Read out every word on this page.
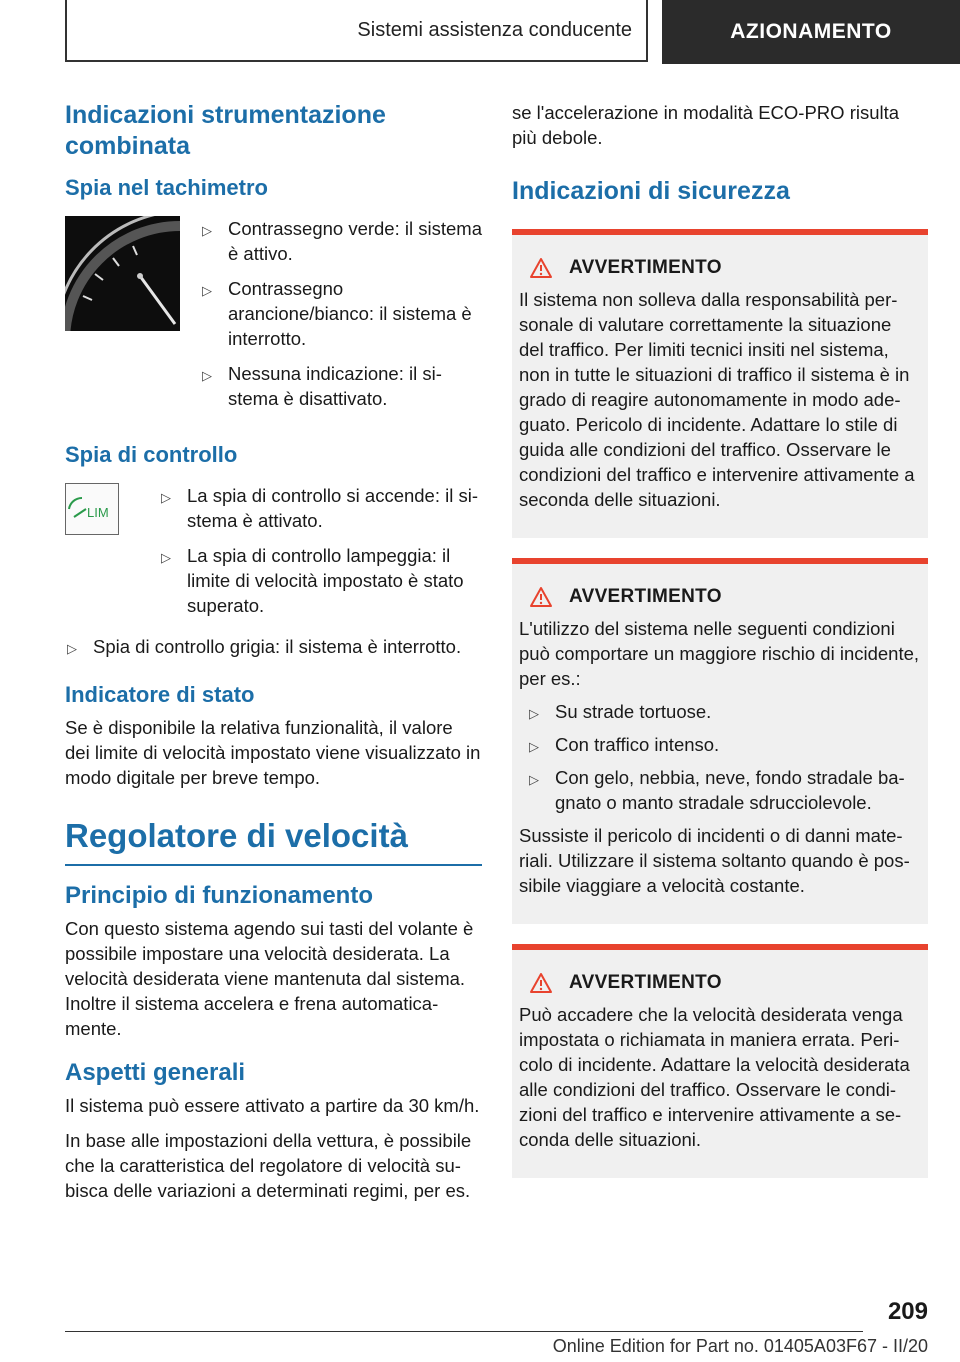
Sistemi assistenza conducente	AZIONAMENTO
Indicazioni strumentazione combinata
Spia nel tachimetro
▷ Contrassegno verde: il sistema è attivo.
▷ Contrassegno arancione/bianco: il sistema è interrotto.
▷ Nessuna indicazione: il sistema è disattivato.
Spia di controllo
LIM
▷ La spia di controllo si accende: il sistema è attivato.
▷ La spia di controllo lampeggia: il limite di velocità impostato è stato superato.
▷ Spia di controllo grigia: il sistema è interrotto.
Indicatore di stato

Se è disponibile la relativa funzionalità, il valore dei limite di velocità impostato viene visualizzato in modo digitale per breve tempo.

Regolatore di velocità
Principio di funzionamento

Con questo sistema agendo sui tasti del volante è possibile impostare una velocità desiderata. La velocità desiderata viene mantenuta dal sistema. Inoltre il sistema accelera e frena automaticamente.

Aspetti generali

Il sistema può essere attivato a partire da 30 km/h.

In base alle impostazioni della vettura, è possibile che la caratteristica del regolatore di velocità subisca delle variazioni a determinati regimi, per es.

se l'accelerazione in modalità ECO-PRO risulta più debole.

Indicazioni di sicurezza
AVVERTIMENTO

Il sistema non solleva dalla responsabilità personale di valutare correttamente la situazione del traffico. Per limiti tecnici insiti nel sistema, non in tutte le situazioni di traffico il sistema è in grado di reagire autonomamente in modo adeguato. Pericolo di incidente. Adattare lo stile di guida alle condizioni del traffico. Osservare le condizioni del traffico e intervenire attivamente a seconda delle situazioni.

AVVERTIMENTO

L'utilizzo del sistema nelle seguenti condizioni può comportare un maggiore rischio di incidente, per es.:

▷ Su strade tortuose.
▷ Con traffico intenso.
▷ Con gelo, nebbia, neve, fondo stradale bagnato o manto stradale sdrucciolevole.

Sussiste il pericolo di incidenti o di danni materiali. Utilizzare il sistema soltanto quando è possibile viaggiare a velocità costante.

AVVERTIMENTO

Può accadere che la velocità desiderata venga impostata o richiamata in maniera errata. Pericolo di incidente. Adattare la velocità desiderata alle condizioni del traffico. Osservare le condizioni del traffico e intervenire attivamente a seconda delle situazioni.

209
Online Edition for Part no. 01405A03F67 - II/20
